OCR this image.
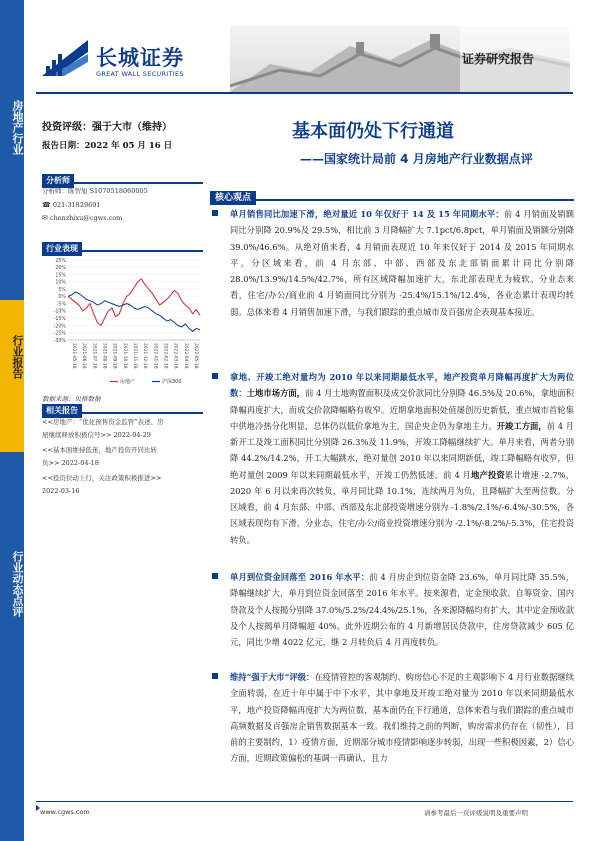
房地产行业
行业报告
行业动态点评
长城证券
GREAT WALL SECURITIES
证券研究报告
投资评级：强于大市（维持）
报告日期：2022 年 05 月 16 日
基本面仍处下行通道
——国家统计局前 4 月房地产行业数据点评
分析师
分析师：陈智旭 S1070518060005
☎ 021-31829691
✉ chenzhixu@cgws.com
行业表现
25%
20%
15%
10%
5%
0%
-5%
-10%
-15%
-20%
-25%
-30%
2021-05-18 2021-06-18 2021-07-18 2021-08-18 2021-09-18 2021-10-18 2021-11-18 2021-12-18 2022-01-18 2022-02-18 2022-03-18 2022-04-18 2022-05-18
房地产	沪深300
数据来源：贝格数据
相关报告
<<房地产：“优化预售资金监管”表述、房
屋继续释放积极信号>> 2022-04-29
<<基本面维持低迷，地产投资开同比转
负>> 2022-04-18
<<投资拉动上行，关注政策积极推进>>
2022-03-16
核心观点
单月销售同比加速下滑，绝对量近 10 年仅好于 14 及 15 年同期水平：前 4 月销面及销额同比分别降 20.9%及 29.5%，相比前 3 月降幅扩大 7.1pct/6.8pct，单月销面及销额分别降 39.0%/46.6%。从绝对值来看，4 月销面表现近 10 年来仅好于 2014 及 2015 年同期水平。分区域来看，前 4 月东部、中部、西部及东北部销面累计同比分别降 28.0%/13.9%/14.5%/42.7%，所有区域降幅加速扩大，东北部表现尤为疲软。分业态来看，住宅/办公/商业前 4 月销面同比分别为 -25.4%/15.1%/12.4%，各业态累计表现均转弱。总体来看 4 月销售加速下滑，与我们跟踪的重点城市及百强房企表现基本接近。
拿地、开竣工绝对量均为 2010 年以来同期最低水平，地产投资单月降幅再度扩大为两位数：土地市场方面，前 4 月土地购置面积及成交价款同比分别降 46.5%及 20.6%，拿地面积降幅再度扩大，而成交价款降幅略有收窄。近期拿地面积处值屡创历史新低，重点城市首轮集中供地冷热分化明显，总体仍以低价拿地为主，国企央企仍为拿地主力。开竣工方面，前 4 月新开工及竣工面积同比分别降 26.3%及 11.9%，开竣工降幅继续扩大。单月来看，两者分别降 44.2%/14.2%，开工大幅跳水，绝对量创 2010 年以来同期新低，竣工降幅略有收窄，但绝对量创 2009 年以来同期最低水平，开竣工仍然低迷。前 4 月地产投资累计增速 -2.7%，2020 年 6 月以来再次转负，单月同比降 10.1%，连续两月为负，且降幅扩大至两位数。分区域看，前 4 月东部、中部、西部及东北部投资增速分别为 -1.8%/2.1%/-6.4%/-30.5%，各区域表现均有下滑，分业态，住宅/办公/商业投资增速分别为 -2.1%/-8.2%/-5.3%，住宅投资转负。
单月到位资金回落至 2016 年水平：前 4 月房企到位资金降 23.6%，单月同比降 35.5%，降幅继续扩大，单月到位资金回落至 2016 年水平。按来源看，定金预收款、自筹资金、国内贷款及个人按揭分别降 37.0%/5.2%/24.4%/25.1%，各来源降幅均有扩大，其中定金预收款及个人按揭单月降幅超 40%。此外近期公布的 4 月新增居民贷款中，住房贷款减少 605 亿元，同比少增 4022 亿元，继 2 月转负后 4 月再度转负。
维持“强于大市”评级：在疫情管控的客观制约、购房信心不足的主观影响下 4 月行业数据继续全面转弱，在近十年中属于中下水平，其中拿地及开竣工绝对量为 2010 年以来同期最低水平，地产投资降幅再度扩大为两位数，基本面仍在下行通道，总体来看与我们跟踪的重点城市高频数据及百强房企销售数据基本一致。我们维持之前的判断，购房需求仍存在（韧性），目前的主要制约，1）疫情方面，近期部分城市疫情影响逐步转弱，出现一些积极因素，2）信心方面，近期政策偏松的基调一再确认，且力
www.cgws.com	请参考最后一页评级说明及重要声明
